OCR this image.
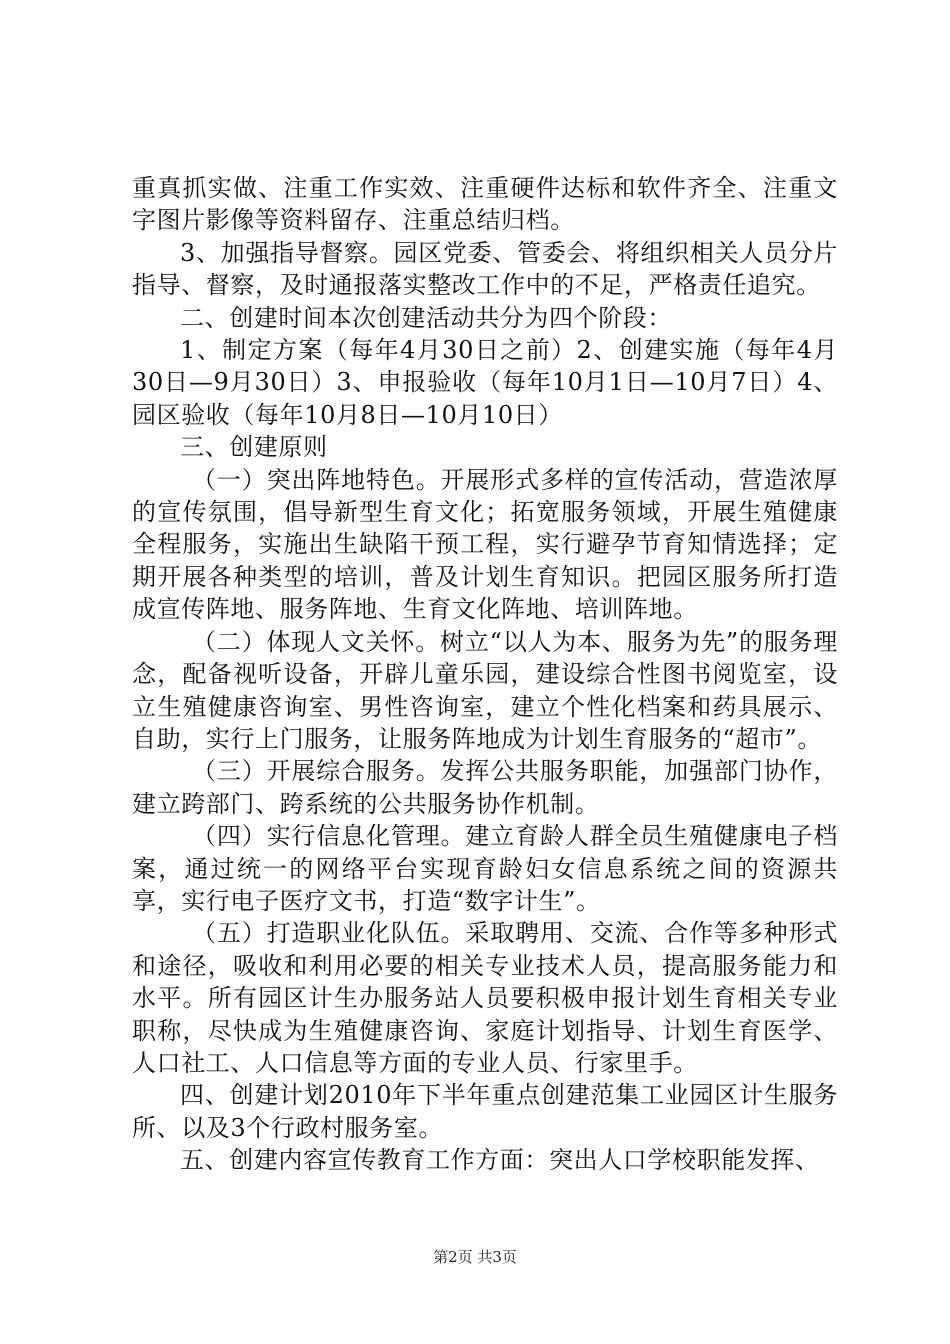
重真抓实做、注重工作实效、注重硬件达标和软件齐全、注重文字图片影像等资料留存、注重总结归档。

3、加强指导督察。园区党委、管委会、将组织相关人员分片指导、督察，及时通报落实整改工作中的不足，严格责任追究。

二、创建时间本次创建活动共分为四个阶段：

1、制定方案（每年4月30日之前）2、创建实施（每年4月30日—9月30日）3、申报验收（每年10月1日—10月7日）4、园区验收（每年10月8日—10月10日）

三、创建原则

（一）突出阵地特色。开展形式多样的宣传活动，营造浓厚的宣传氛围，倡导新型生育文化；拓宽服务领域，开展生殖健康全程服务，实施出生缺陷干预工程，实行避孕节育知情选择；定期开展各种类型的培训，普及计划生育知识。把园区服务所打造成宣传阵地、服务阵地、生育文化阵地、培训阵地。

（二）体现人文关怀。树立“以人为本、服务为先”的服务理念，配备视听设备，开辟儿童乐园，建设综合性图书阅览室，设立生殖健康咨询室、男性咨询室，建立个性化档案和药具展示、自助，实行上门服务，让服务阵地成为计划生育服务的“超市”。

（三）开展综合服务。发挥公共服务职能，加强部门协作，建立跨部门、跨系统的公共服务协作机制。

（四）实行信息化管理。建立育龄人群全员生殖健康电子档案，通过统一的网络平台实现育龄妇女信息系统之间的资源共享，实行电子医疗文书，打造“数字计生”。

（五）打造职业化队伍。采取聘用、交流、合作等多种形式和途径，吸收和利用必要的相关专业技术人员，提高服务能力和水平。所有园区计生办服务站人员要积极申报计划生育相关专业职称，尽快成为生殖健康咨询、家庭计划指导、计划生育医学、人口社工、人口信息等方面的专业人员、行家里手。

四、创建计划2010年下半年重点创建范集工业园区计生服务所、以及3个行政村服务室。

五、创建内容宣传教育工作方面：突出人口学校职能发挥、

第2页 共3页
